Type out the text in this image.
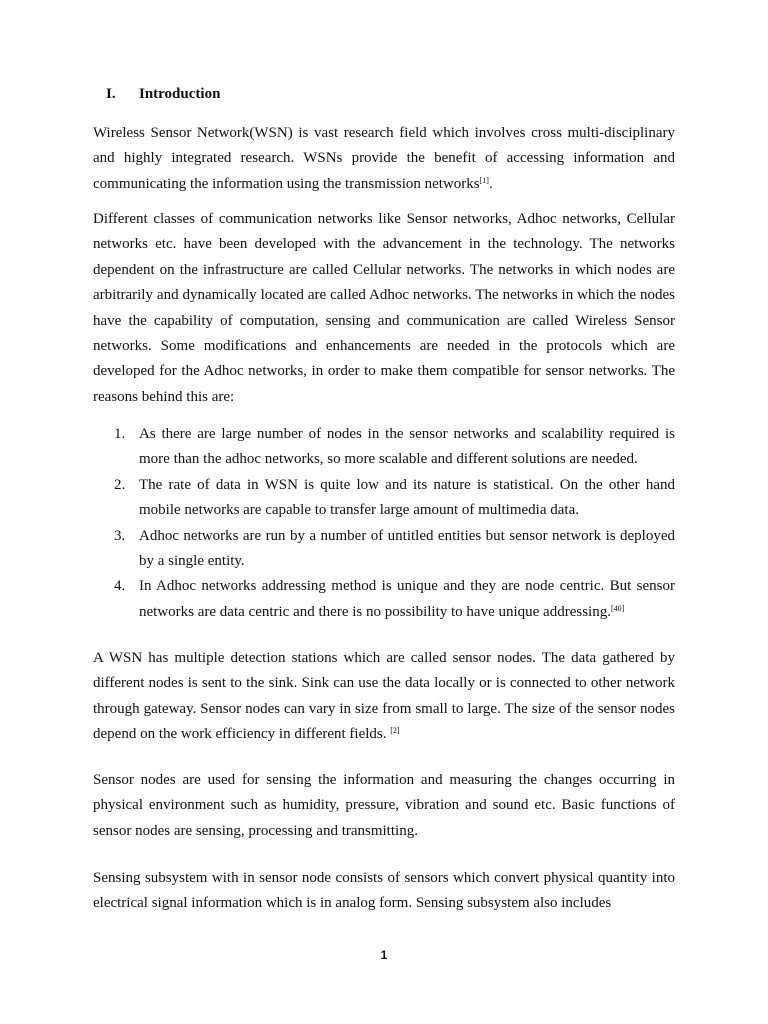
I. Introduction

Wireless Sensor Network(WSN) is vast research field which involves cross multi-disciplinary and highly integrated research. WSNs provide the benefit of accessing information and communicating the information using the transmission networks[1].

Different classes of communication networks like Sensor networks, Adhoc networks, Cellular networks etc. have been developed with the advancement in the technology. The networks dependent on the infrastructure are called Cellular networks. The networks in which nodes are arbitrarily and dynamically located are called Adhoc networks. The networks in which the nodes have the capability of computation, sensing and communication are called Wireless Sensor networks. Some modifications and enhancements are needed in the protocols which are developed for the Adhoc networks, in order to make them compatible for sensor networks. The reasons behind this are:

1. As there are large number of nodes in the sensor networks and scalability required is more than the adhoc networks, so more scalable and different solutions are needed.
2. The rate of data in WSN is quite low and its nature is statistical. On the other hand mobile networks are capable to transfer large amount of multimedia data.
3. Adhoc networks are run by a number of untitled entities but sensor network is deployed by a single entity.
4. In Adhoc networks addressing method is unique and they are node centric. But sensor networks are data centric and there is no possibility to have unique addressing.[40]

A WSN has multiple detection stations which are called sensor nodes. The data gathered by different nodes is sent to the sink. Sink can use the data locally or is connected to other network through gateway. Sensor nodes can vary in size from small to large. The size of the sensor nodes depend on the work efficiency in different fields. [2]

Sensor nodes are used for sensing the information and measuring the changes occurring in physical environment such as humidity, pressure, vibration and sound etc. Basic functions of sensor nodes are sensing, processing and transmitting.

Sensing subsystem with in sensor node consists of sensors which convert physical quantity into electrical signal information which is in analog form. Sensing subsystem also includes

1
